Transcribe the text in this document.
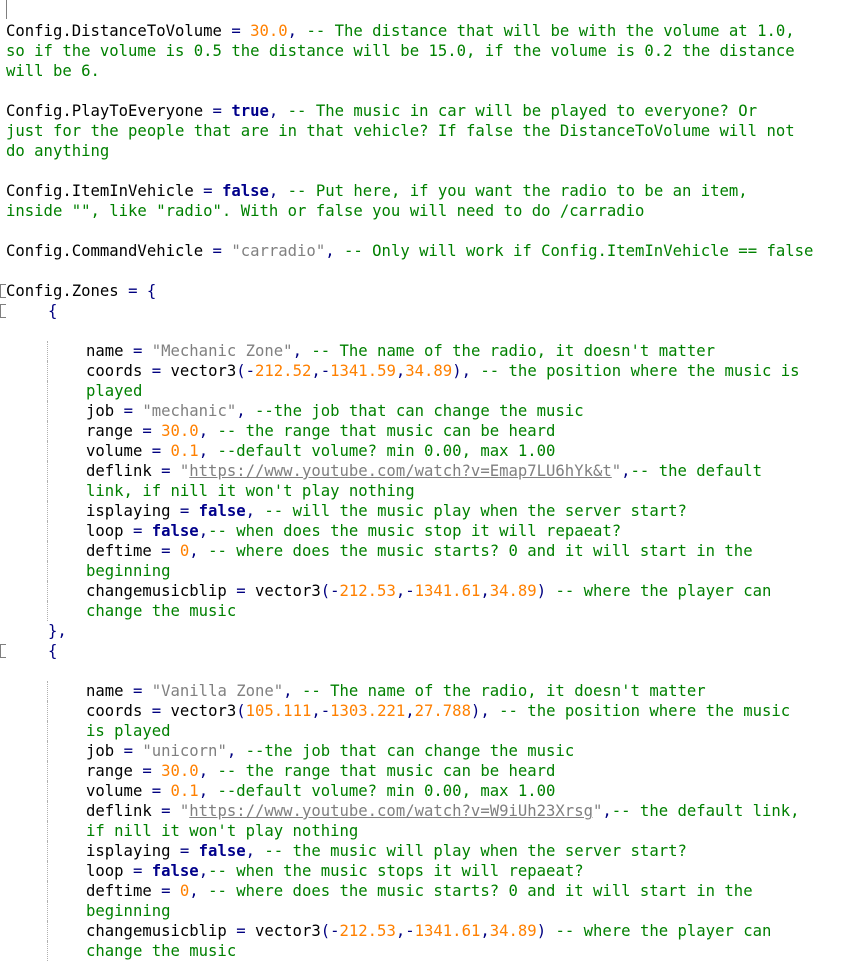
Config.DistanceToVolume = 30.0, -- The distance that will be with the volume at 1.0,
so if the volume is 0.5 the distance will be 15.0, if the volume is 0.2 the distance
will be 6.
Config.PlayToEveryone = true, -- The music in car will be played to everyone? Or
just for the people that are in that vehicle? If false the DistanceToVolume will not
do anything
Config.ItemInVehicle = false, -- Put here, if you want the radio to be an item,
inside "", like "radio". With or false you will need to do /carradio
Config.CommandVehicle = "carradio", -- Only will work if Config.ItemInVehicle == false
Config.Zones = {
{
name = "Mechanic Zone", -- The name of the radio, it doesn't matter
coords = vector3(-212.52,-1341.59,34.89), -- the position where the music is
played
job = "mechanic", --the job that can change the music
range = 30.0, -- the range that music can be heard
volume = 0.1, --default volume? min 0.00, max 1.00
deflink = "https://www.youtube.com/watch?v=Emap7LU6hYk&t",-- the default
link, if nill it won't play nothing
isplaying = false, -- will the music play when the server start?
loop = false,-- when does the music stop it will repaeat?
deftime = 0, -- where does the music starts? 0 and it will start in the
beginning
changemusicblip = vector3(-212.53,-1341.61,34.89) -- where the player can
change the music
},
{
name = "Vanilla Zone", -- The name of the radio, it doesn't matter
coords = vector3(105.111,-1303.221,27.788), -- the position where the music
is played
job = "unicorn", --the job that can change the music
range = 30.0, -- the range that music can be heard
volume = 0.1, --default volume? min 0.00, max 1.00
deflink = "https://www.youtube.com/watch?v=W9iUh23Xrsg",-- the default link,
if nill it won't play nothing
isplaying = false, -- the music will play when the server start?
loop = false,-- when the music stops it will repaeat?
deftime = 0, -- where does the music starts? 0 and it will start in the
beginning
changemusicblip = vector3(-212.53,-1341.61,34.89) -- where the player can
change the music
